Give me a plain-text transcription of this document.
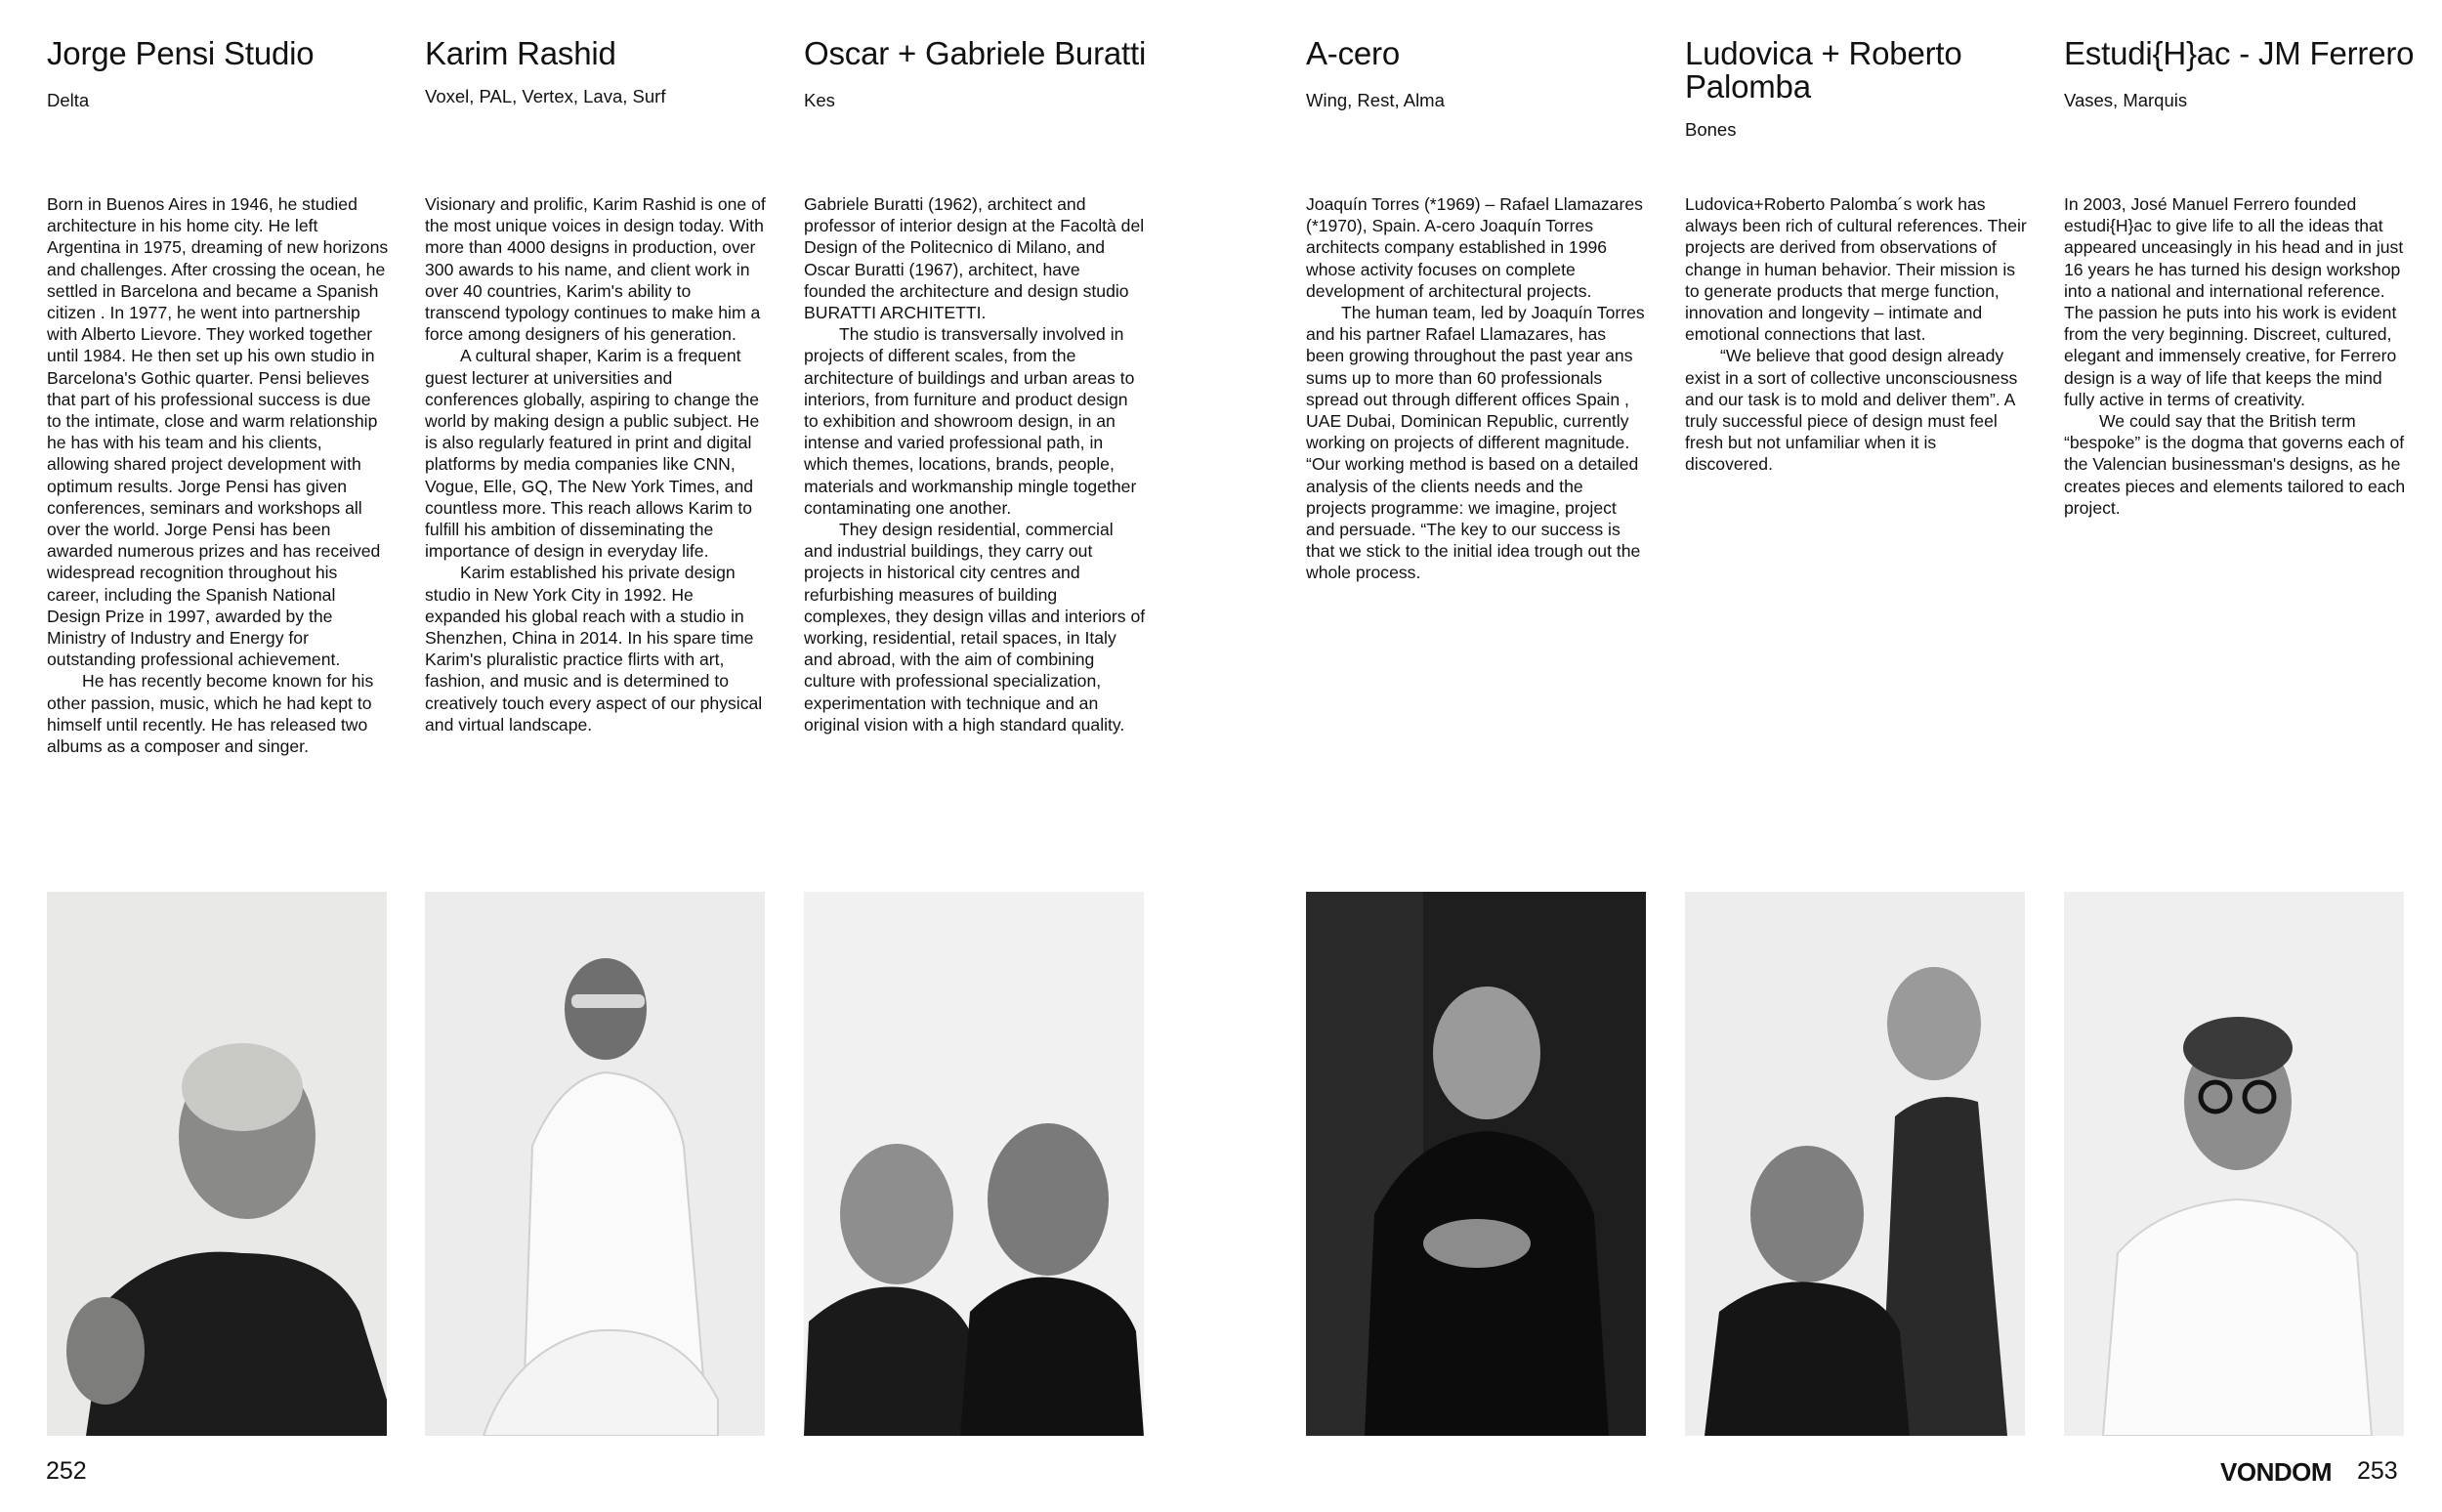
Jorge Pensi Studio
Delta

Born in Buenos Aires in 1946, he studied architecture in his home city. He left Argentina in 1975, dreaming of new horizons and challenges. After crossing the ocean, he settled in Barcelona and became a Spanish citizen . In 1977, he went into partnership with Alberto Lievore. They worked together until 1984. He then set up his own studio in Barcelona's Gothic quarter. Pensi believes that part of his professional success is due to the intimate, close and warm relationship he has with his team and his clients, allowing shared project development with optimum results. Jorge Pensi has given conferences, seminars and workshops all over the world. Jorge Pensi has been awarded numerous prizes and has received widespread recognition throughout his career, including the Spanish National Design Prize in 1997, awarded by the Ministry of Industry and Energy for outstanding professional achievement.

He has recently become known for his other passion, music, which he had kept to himself until recently. He has released two albums as a composer and singer.

Karim Rashid
Voxel, PAL, Vertex, Lava, Surf

Visionary and prolific, Karim Rashid is one of the most unique voices in design today. With more than 4000 designs in production, over 300 awards to his name, and client work in over 40 countries, Karim's ability to transcend typology continues to make him a force among designers of his generation.

A cultural shaper, Karim is a frequent guest lecturer at universities and conferences globally, aspiring to change the world by making design a public subject. He is also regularly featured in print and digital platforms by media companies like CNN, Vogue, Elle, GQ, The New York Times, and countless more. This reach allows Karim to fulfill his ambition of disseminating the importance of design in everyday life.

Karim established his private design studio in New York City in 1992. He expanded his global reach with a studio in Shenzhen, China in 2014. In his spare time Karim's pluralistic practice flirts with art, fashion, and music and is determined to creatively touch every aspect of our physical and virtual landscape.

Oscar + Gabriele Buratti
Kes

Gabriele Buratti (1962), architect and professor of interior design at the Facoltà del Design of the Politecnico di Milano, and Oscar Buratti (1967), architect, have founded the architecture and design studio BURATTI ARCHITETTI.

The studio is transversally involved in projects of different scales, from the architecture of buildings and urban areas to interiors, from furniture and product design to exhibition and showroom design, in an intense and varied professional path, in which themes, locations, brands, people, materials and workmanship mingle together contaminating one another.

They design residential, commercial and industrial buildings, they carry out projects in historical city centres and refurbishing measures of building complexes, they design villas and interiors of working, residential, retail spaces, in Italy and abroad, with the aim of combining culture with professional specialization, experimentation with technique and an original vision with a high standard quality.

A-cero
Wing, Rest, Alma

Joaquín Torres (*1969) – Rafael Llamazares (*1970), Spain. A-cero Joaquín Torres architects company established in 1996 whose activity focuses on complete development of architectural projects.

The human team, led by Joaquín Torres and his partner Rafael Llamazares, has been growing throughout the past year ans sums up to more than 60 professionals spread out through different offices Spain , UAE Dubai, Dominican Republic, currently working on projects of different magnitude. “Our working method is based on a detailed analysis of the clients needs and the projects programme: we imagine, project and persuade. “The key to our success is that we stick to the initial idea trough out the whole process.

Ludovica + Roberto Palomba
Bones

Ludovica+Roberto Palomba´s work has always been rich of cultural references. Their projects are derived from observations of change in human behavior. Their mission is to generate products that merge function, innovation and longevity – intimate and emotional connections that last.

“We believe that good design already exist in a sort of collective unconsciousness and our task is to mold and deliver them”. A truly successful piece of design must feel fresh but not unfamiliar when it is discovered.

Estudi{H}ac - JM Ferrero
Vases, Marquis

In 2003, José Manuel Ferrero founded estudi{H}ac to give life to all the ideas that appeared unceasingly in his head and in just 16 years he has turned his design workshop into a national and international reference. The passion he puts into his work is evident from the very beginning. Discreet, cultured, elegant and immensely creative, for Ferrero design is a way of life that keeps the mind fully active in terms of creativity.

We could say that the British term “bespoke” is the dogma that governs each of the Valencian businessman's designs, as he creates pieces and elements tailored to each project.

252	VONDOM 253
